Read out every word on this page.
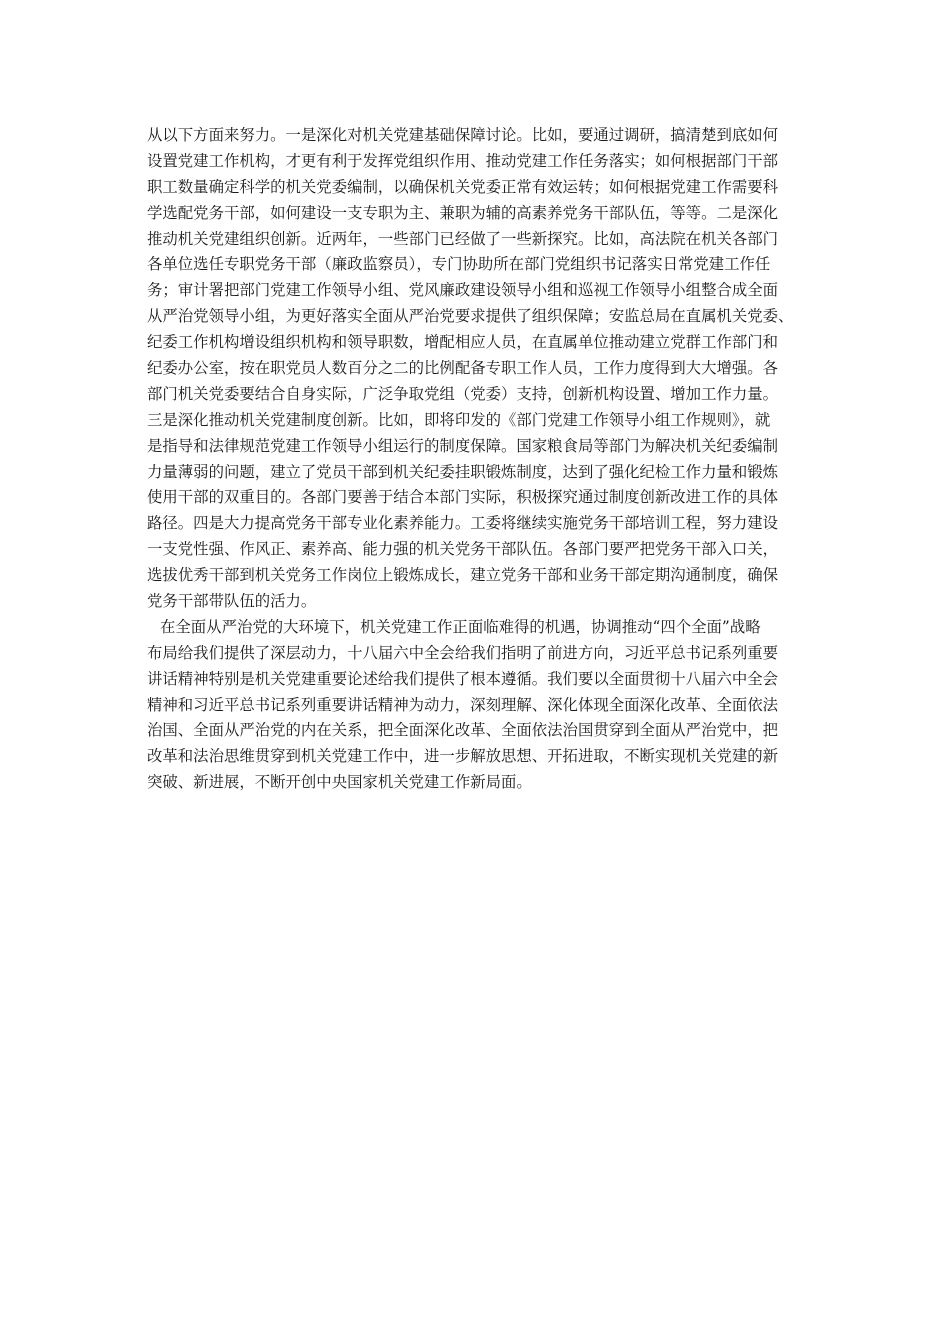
从以下方面来努力。一是深化对机关党建基础保障讨论。比如，要通过调研，搞清楚到底如何
设置党建工作机构，才更有利于发挥党组织作用、推动党建工作任务落实；如何根据部门干部
职工数量确定科学的机关党委编制，以确保机关党委正常有效运转；如何根据党建工作需要科
学选配党务干部，如何建设一支专职为主、兼职为辅的高素养党务干部队伍，等等。二是深化
推动机关党建组织创新。近两年，一些部门已经做了一些新探究。比如，高法院在机关各部门
各单位选任专职党务干部（廉政监察员），专门协助所在部门党组织书记落实日常党建工作任
务；审计署把部门党建工作领导小组、党风廉政建设领导小组和巡视工作领导小组整合成全面
从严治党领导小组，为更好落实全面从严治党要求提供了组织保障；安监总局在直属机关党委、
纪委工作机构增设组织机构和领导职数，增配相应人员，在直属单位推动建立党群工作部门和
纪委办公室，按在职党员人数百分之二的比例配备专职工作人员，工作力度得到大大增强。各
部门机关党委要结合自身实际，广泛争取党组（党委）支持，创新机构设置、增加工作力量。
三是深化推动机关党建制度创新。比如，即将印发的《部门党建工作领导小组工作规则》，就
是指导和法律规范党建工作领导小组运行的制度保障。国家粮食局等部门为解决机关纪委编制
力量薄弱的问题，建立了党员干部到机关纪委挂职锻炼制度，达到了强化纪检工作力量和锻炼
使用干部的双重目的。各部门要善于结合本部门实际，积极探究通过制度创新改进工作的具体
路径。四是大力提高党务干部专业化素养能力。工委将继续实施党务干部培训工程，努力建设
一支党性强、作风正、素养高、能力强的机关党务干部队伍。各部门要严把党务干部入口关，
选拔优秀干部到机关党务工作岗位上锻炼成长，建立党务干部和业务干部定期沟通制度，确保
党务干部带队伍的活力。
在全面从严治党的大环境下，机关党建工作正面临难得的机遇，协调推动“四个全面”战略
布局给我们提供了深层动力，十八届六中全会给我们指明了前进方向，习近平总书记系列重要
讲话精神特别是机关党建重要论述给我们提供了根本遵循。我们要以全面贯彻十八届六中全会
精神和习近平总书记系列重要讲话精神为动力，深刻理解、深化体现全面深化改革、全面依法
治国、全面从严治党的内在关系，把全面深化改革、全面依法治国贯穿到全面从严治党中，把
改革和法治思维贯穿到机关党建工作中，进一步解放思想、开拓进取，不断实现机关党建的新
突破、新进展，不断开创中央国家机关党建工作新局面。
